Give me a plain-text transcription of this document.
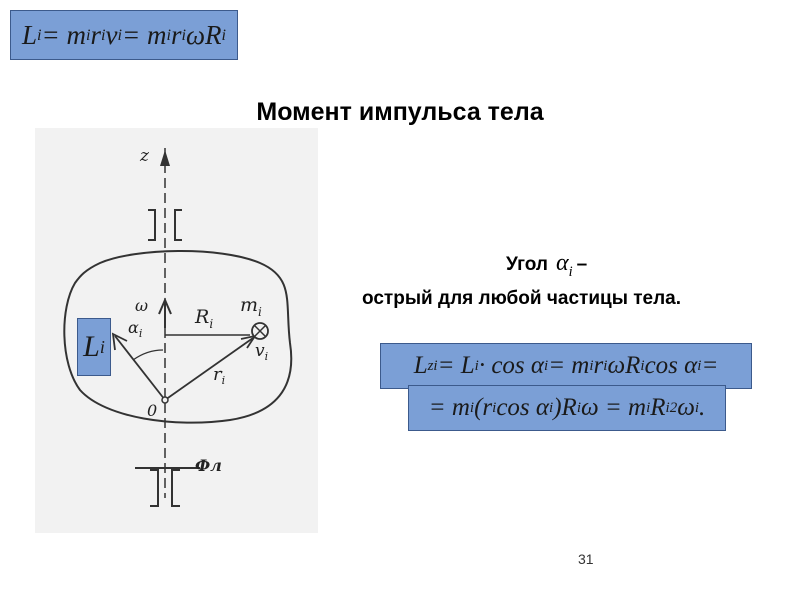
L i = m i r i v i = m i r i ωR i
Момент импульса тела
z
ω
$\alpha_i$
$R_i$
$m_i$
$v_i$
$r_i$
0
Фл
L i
Угол $\alpha_i$ –
острый для любой частицы тела.
L zi = L i · cos α i = m i r i ωR i cos α i =
= m i (r i cos α i )R i ω = m i R i 2 ω i .
31
